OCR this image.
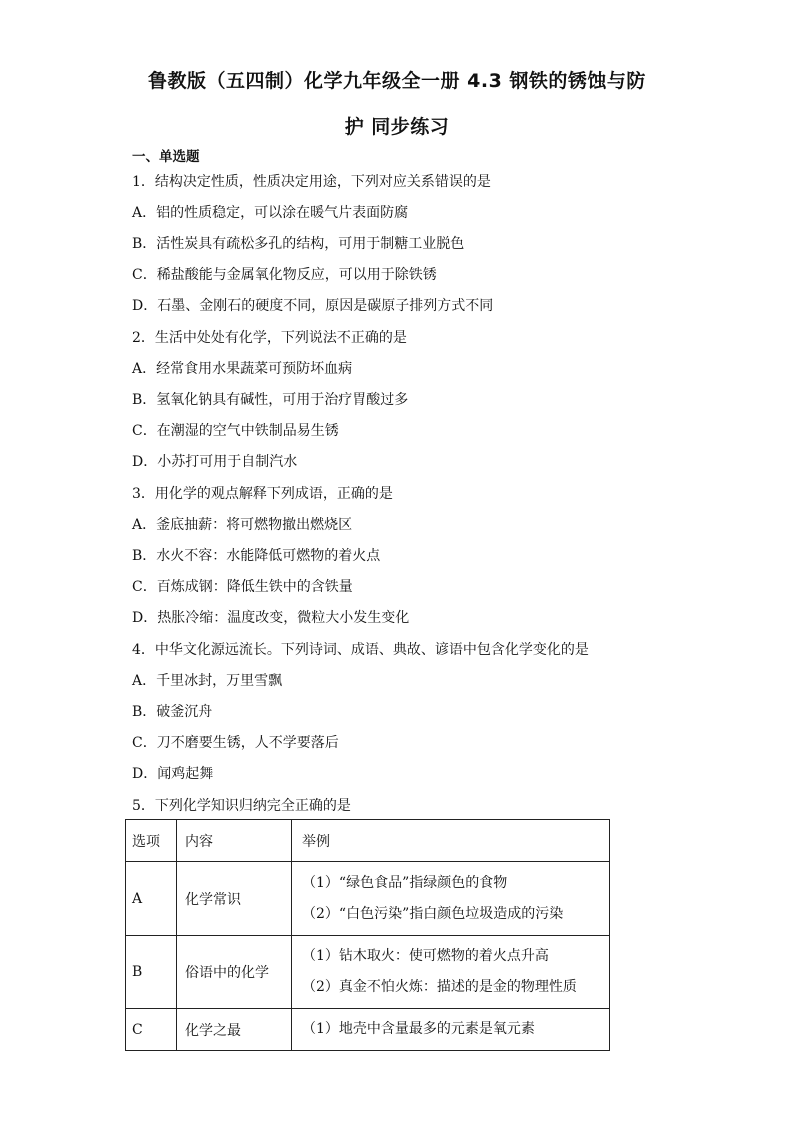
鲁教版（五四制）化学九年级全一册 4.3 钢铁的锈蚀与防
护 同步练习
一、单选题
1．结构决定性质，性质决定用途，下列对应关系错误的是
A．铝的性质稳定，可以涂在暖气片表面防腐
B．活性炭具有疏松多孔的结构，可用于制糖工业脱色
C．稀盐酸能与金属氧化物反应，可以用于除铁锈
D．石墨、金刚石的硬度不同，原因是碳原子排列方式不同
2．生活中处处有化学，下列说法不正确的是
A．经常食用水果蔬菜可预防坏血病
B．氢氧化钠具有碱性，可用于治疗胃酸过多
C．在潮湿的空气中铁制品易生锈
D．小苏打可用于自制汽水
3．用化学的观点解释下列成语，正确的是
A．釜底抽薪：将可燃物撤出燃烧区
B．水火不容：水能降低可燃物的着火点
C．百炼成钢：降低生铁中的含铁量
D．热胀冷缩：温度改变，微粒大小发生变化
4．中华文化源远流长。下列诗词、成语、典故、谚语中包含化学变化的是
A．千里冰封，万里雪飘
B．破釜沉舟
C．刀不磨要生锈，人不学要落后
D．闻鸡起舞
5．下列化学知识归纳完全正确的是
选项	内容	举例
A	化学常识	（1）“绿色食品”指绿颜色的食物
（2）“白色污染”指白颜色垃圾造成的污染

B	俗语中的化学	（1）钻木取火：使可燃物的着火点升高
（2）真金不怕火炼：描述的是金的物理性质

C	化学之最	（1）地壳中含量最多的元素是氧元素
